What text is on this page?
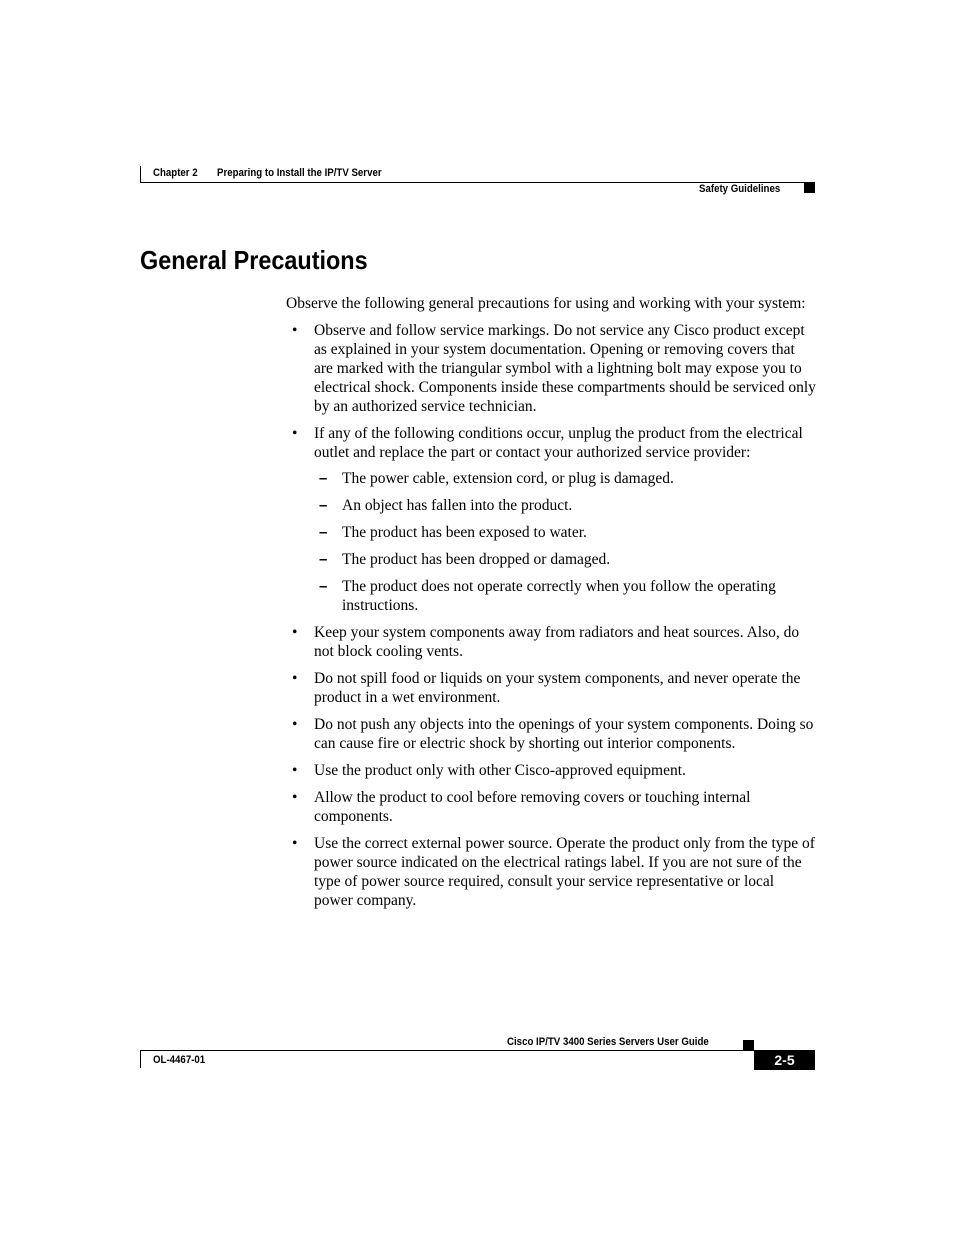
Chapter 2 Preparing to Install the IP/TV Server
Safety Guidelines
General Precautions

Observe the following general precautions for using and working with your system:

• Observe and follow service markings. Do not service any Cisco product except as explained in your system documentation. Opening or removing covers that are marked with the triangular symbol with a lightning bolt may expose you to electrical shock. Components inside these compartments should be serviced only by an authorized service technician.
• If any of the following conditions occur, unplug the product from the electrical outlet and replace the part or contact your authorized service provider:
– The power cable, extension cord, or plug is damaged.
– An object has fallen into the product.
– The product has been exposed to water.
– The product has been dropped or damaged.
– The product does not operate correctly when you follow the operating instructions.
• Keep your system components away from radiators and heat sources. Also, do not block cooling vents.
• Do not spill food or liquids on your system components, and never operate the product in a wet environment.
• Do not push any objects into the openings of your system components. Doing so can cause fire or electric shock by shorting out interior components.
• Use the product only with other Cisco-approved equipment.
• Allow the product to cool before removing covers or touching internal components.
• Use the correct external power source. Operate the product only from the type of power source indicated on the electrical ratings label. If you are not sure of the type of power source required, consult your service representative or local power company.
Cisco IP/TV 3400 Series Servers User Guide
OL-4467-01	2-5
